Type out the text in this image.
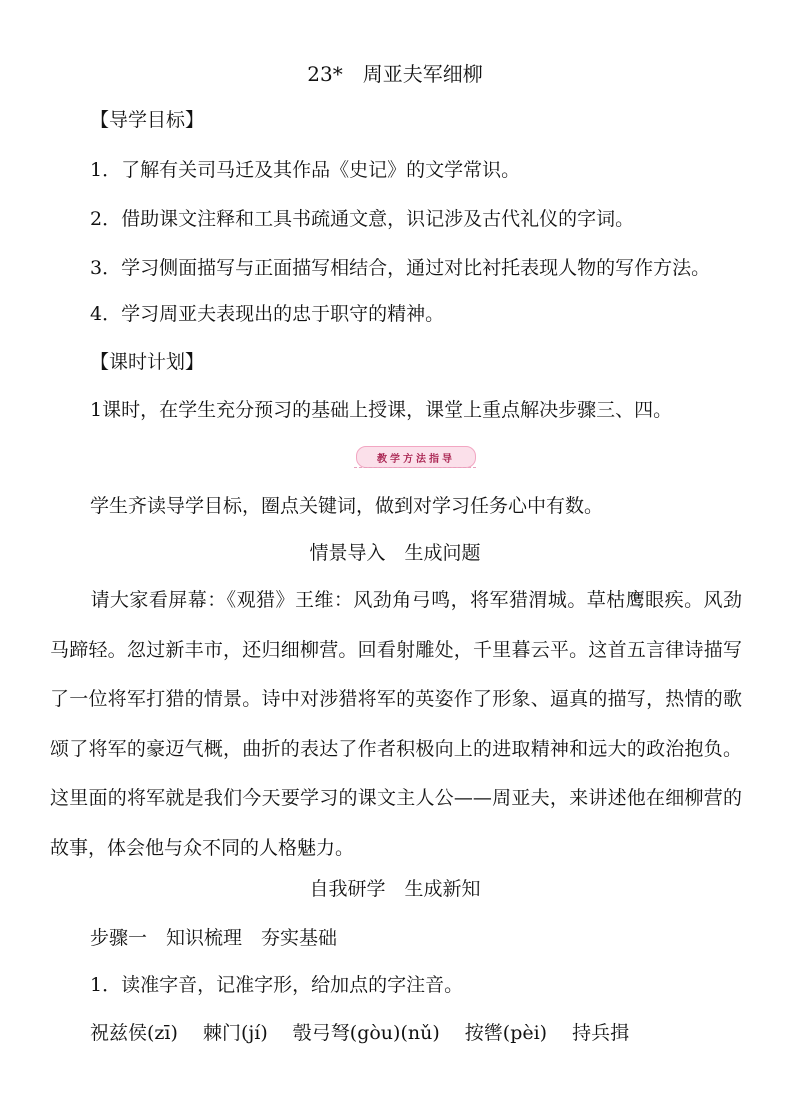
23*　周亚夫军细柳
【导学目标】
1．了解有关司马迁及其作品《史记》的文学常识。
2．借助课文注释和工具书疏通文意，识记涉及古代礼仪的字词。
3．学习侧面描写与正面描写相结合，通过对比衬托表现人物的写作方法。
4．学习周亚夫表现出的忠于职守的精神。
【课时计划】
1课时，在学生充分预习的基础上授课，课堂上重点解决步骤三、四。
教学方法指导
学生齐读导学目标，圈点关键词，做到对学习任务心中有数。
情景导入　生成问题
请大家看屏幕：《观猎》王维：风劲角弓鸣，将军猎渭城。草枯鹰眼疾。风劲马蹄轻。忽过新丰市，还归细柳营。回看射雕处，千里暮云平。这首五言律诗描写了一位将军打猎的情景。诗中对涉猎将军的英姿作了形象、逼真的描写，热情的歌颂了将军的豪迈气概，曲折的表达了作者积极向上的进取精神和远大的政治抱负。这里面的将军就是我们今天要学习的课文主人公——周亚夫，来讲述他在细柳营的故事，体会他与众不同的人格魅力。
自我研学　生成新知
步骤一　知识梳理　夯实基础
1．读准字音，记准字形，给加点的字注音。
祝兹侯(zī)　 棘门(jí)　 彀弓弩(gòu)(nǔ)　 按辔(pèi)　 持兵揖
